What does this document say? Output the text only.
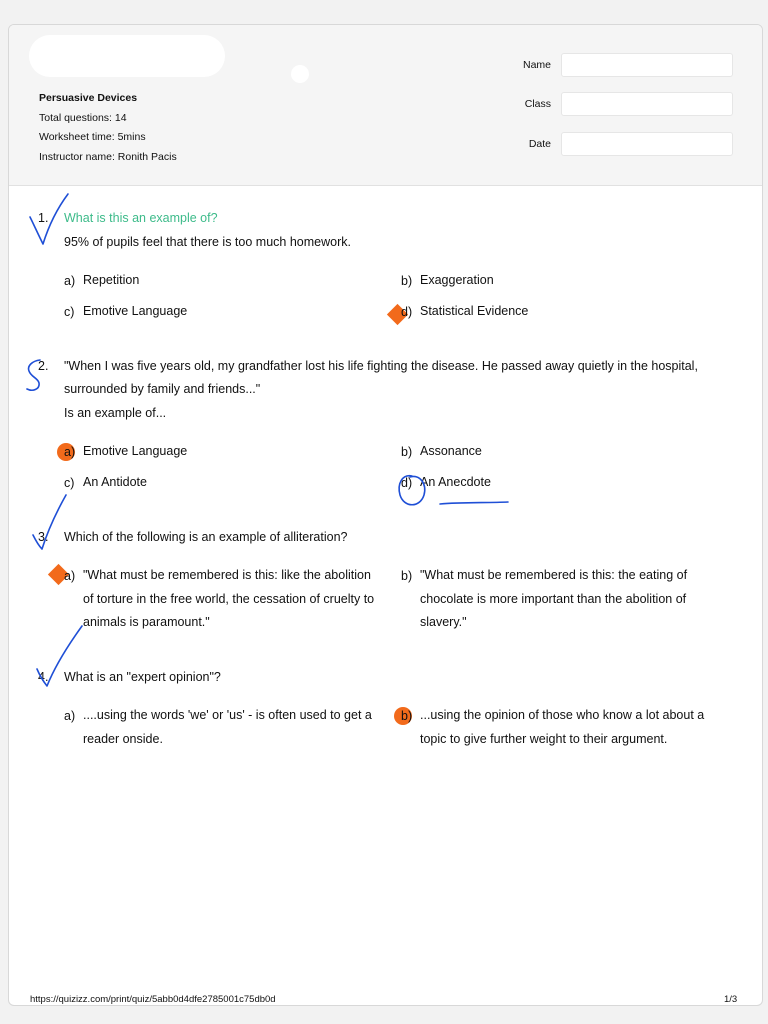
Persuasive Devices
Total questions: 14
Worksheet time: 5mins
Instructor name: Ronith Pacis
Name
Class
Date
1. What is this an example of?
95% of pupils feel that there is too much homework.
a) Repetition	b) Exaggeration
c) Emotive Language	d) Statistical Evidence
2. "When I was five years old, my grandfather lost his life fighting the disease. He passed away quietly in the hospital,
surrounded by family and friends..."
Is an example of...
a) Emotive Language	b) Assonance
c) An Antidote	d) An Anecdote
3. Which of the following is an example of alliteration?
a) "What must be remembered is this: like the abolition
of torture in the free world, the cessation of cruelty to
animals is paramount."
b) "What must be remembered is this: the eating of
chocolate is more important than the abolition of
slavery."
4. What is an "expert opinion"?
a) ....using the words 'we' or 'us' - is often used to get a
reader onside.
b) ...using the opinion of those who know a lot about a
topic to give further weight to their argument.
https://quizizz.com/print/quiz/5abb0d4dfe2785001c75db0d	1/3
